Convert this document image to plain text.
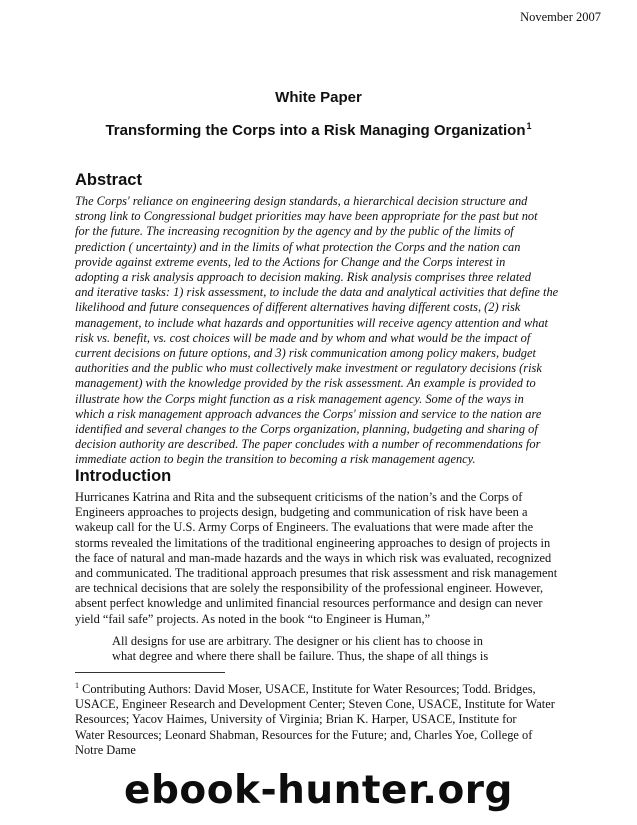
November 2007
White Paper
Transforming the Corps into a Risk Managing Organization$^1$
Abstract
The Corps' reliance on engineering design standards, a hierarchical decision structure and
strong link to Congressional budget priorities may have been appropriate for the past but not
for the future. The increasing recognition by the agency and by the public of the limits of
prediction ( uncertainty) and in the limits of what protection the Corps and the nation can
provide against extreme events, led to the Actions for Change and the Corps interest in
adopting a risk analysis approach to decision making. Risk analysis comprises three related
and iterative tasks: 1) risk assessment, to include the data and analytical activities that define the
likelihood and future consequences of different alternatives having different costs, (2) risk
management, to include what hazards and opportunities will receive agency attention and what
risk vs. benefit, vs. cost choices will be made and by whom and what would be the impact of
current decisions on future options, and 3) risk communication among policy makers, budget
authorities and the public who must collectively make investment or regulatory decisions (risk
management) with the knowledge provided by the risk assessment. An example is provided to
illustrate how the Corps might function as a risk management agency. Some of the ways in
which a risk management approach advances the Corps' mission and service to the nation are
identified and several changes to the Corps organization, planning, budgeting and sharing of
decision authority are described. The paper concludes with a number of recommendations for
immediate action to begin the transition to becoming a risk management agency.
Introduction
Hurricanes Katrina and Rita and the subsequent criticisms of the nation’s and the Corps of
Engineers approaches to projects design, budgeting and communication of risk have been a
wakeup call for the U.S. Army Corps of Engineers. The evaluations that were made after the
storms revealed the limitations of the traditional engineering approaches to design of projects in
the face of natural and man-made hazards and the ways in which risk was evaluated, recognized
and communicated. The traditional approach presumes that risk assessment and risk management
are technical decisions that are solely the responsibility of the professional engineer. However,
absent perfect knowledge and unlimited financial resources performance and design can never
yield “fail safe” projects. As noted in the book “to Engineer is Human,”
All designs for use are arbitrary. The designer or his client has to choose in
what degree and where there shall be failure. Thus, the shape of all things is
$^1$ Contributing Authors: David Moser, USACE, Institute for Water Resources; Todd. Bridges,
USACE, Engineer Research and Development Center; Steven Cone, USACE, Institute for Water
Resources; Yacov Haimes, University of Virginia; Brian K. Harper, USACE, Institute for
Water Resources; Leonard Shabman, Resources for the Future; and, Charles Yoe, College of
Notre Dame
ebook-hunter.org
